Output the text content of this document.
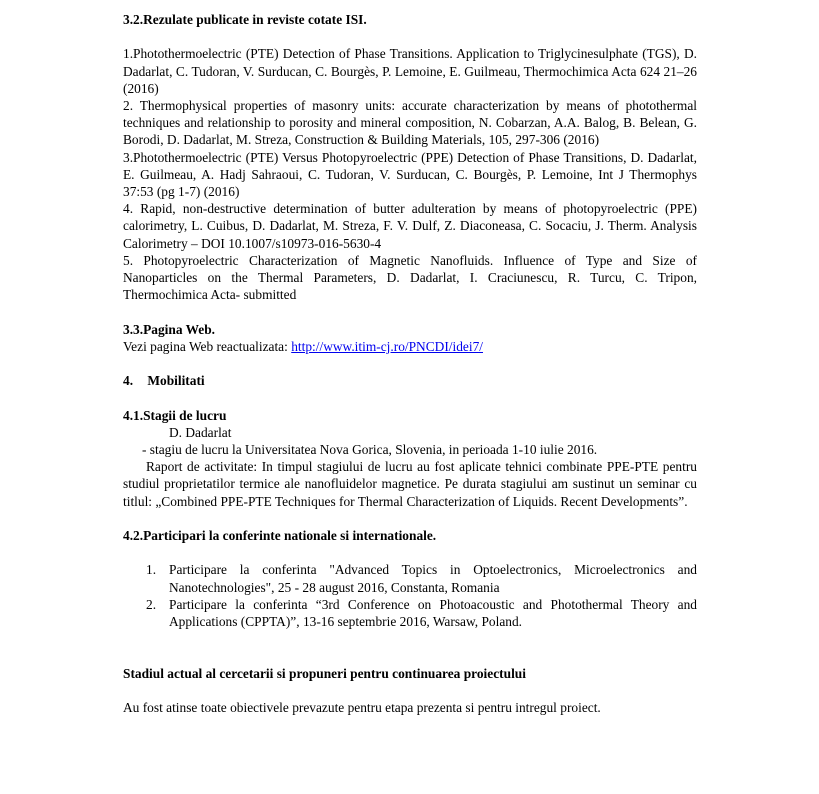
3.2.Rezulate publicate in reviste cotate ISI.

1.Photothermoelectric (PTE) Detection of Phase Transitions. Application to Triglycinesulphate (TGS), D. Dadarlat, C. Tudoran, V. Surducan, C. Bourgès, P. Lemoine, E. Guilmeau, Thermochimica Acta 624 21–26 (2016)

2. Thermophysical properties of masonry units: accurate characterization by means of photothermal techniques and relationship to porosity and mineral composition, N. Cobarzan, A.A. Balog, B. Belean, G. Borodi, D. Dadarlat, M. Streza, Construction & Building Materials, 105, 297-306 (2016)

3.Photothermoelectric (PTE) Versus Photopyroelectric (PPE) Detection of Phase Transitions, D. Dadarlat, E. Guilmeau, A. Hadj Sahraoui, C. Tudoran, V. Surducan, C. Bourgès, P. Lemoine, Int J Thermophys 37:53 (pg 1-7) (2016)

4. Rapid, non-destructive determination of butter adulteration by means of photopyroelectric (PPE) calorimetry, L. Cuibus, D. Dadarlat, M. Streza, F. V. Dulf, Z. Diaconeasa, C. Socaciu, J. Therm. Analysis Calorimetry – DOI 10.1007/s10973-016-5630-4

5. Photopyroelectric Characterization of Magnetic Nanofluids. Influence of Type and Size of Nanoparticles on the Thermal Parameters, D. Dadarlat, I. Craciunescu, R. Turcu, C. Tripon, Thermochimica Acta- submitted

3.3.Pagina Web.

Vezi pagina Web reactualizata: http://www.itim-cj.ro/PNCDI/idei7/

4. Mobilitati

4.1.Stagii de lucru

D. Dadarlat

- stagiu de lucru la Universitatea Nova Gorica, Slovenia, in perioada 1-10 iulie 2016.

Raport de activitate: In timpul stagiului de lucru au fost aplicate tehnici combinate PPE-PTE pentru studiul proprietatilor termice ale nanofluidelor magnetice. Pe durata stagiului am sustinut un seminar cu titlul: „Combined PPE-PTE Techniques for Thermal Characterization of Liquids. Recent Developments”.

4.2.Participari la conferinte nationale si internationale.

1. Participare la conferinta "Advanced Topics in Optoelectronics, Microelectronics and Nanotechnologies", 25 - 28 august 2016, Constanta, Romania
2. Participare la conferinta “3rd Conference on Photoacoustic and Photothermal Theory and Applications (CPPTA)”, 13-16 septembrie 2016, Warsaw, Poland.

Stadiul actual al cercetarii si propuneri pentru continuarea proiectului

Au fost atinse toate obiectivele prevazute pentru etapa prezenta si pentru intregul proiect.
